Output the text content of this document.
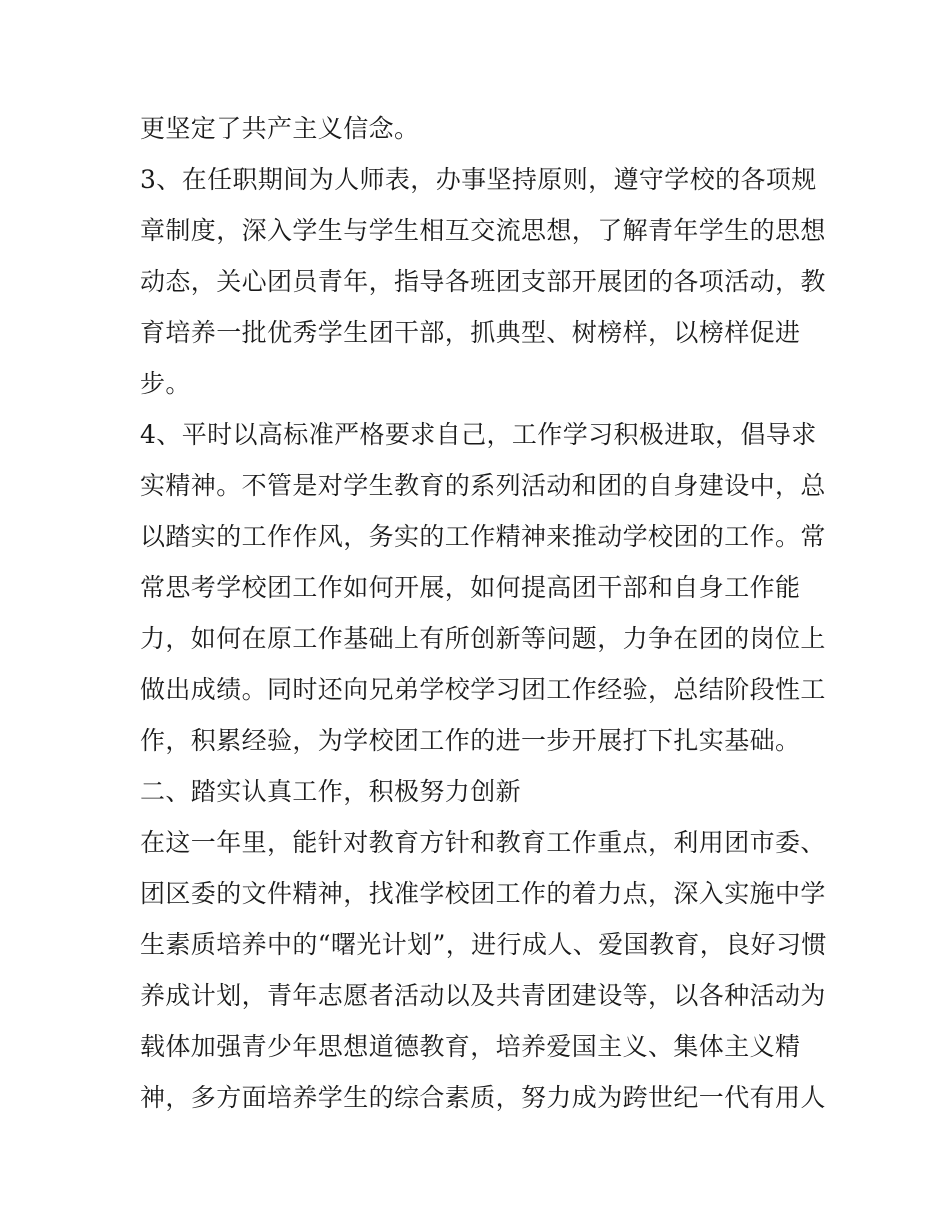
更坚定了共产主义信念。
3、在任职期间为人师表，办事坚持原则，遵守学校的各项规
章制度，深入学生与学生相互交流思想，了解青年学生的思想
动态，关心团员青年，指导各班团支部开展团的各项活动，教
育培养一批优秀学生团干部，抓典型、树榜样，以榜样促进
步。
4、平时以高标准严格要求自己，工作学习积极进取，倡导求
实精神。不管是对学生教育的系列活动和团的自身建设中，总
以踏实的工作作风，务实的工作精神来推动学校团的工作。常
常思考学校团工作如何开展，如何提高团干部和自身工作能
力，如何在原工作基础上有所创新等问题，力争在团的岗位上
做出成绩。同时还向兄弟学校学习团工作经验，总结阶段性工
作，积累经验，为学校团工作的进一步开展打下扎实基础。
二、踏实认真工作，积极努力创新
在这一年里，能针对教育方针和教育工作重点，利用团市委、
团区委的文件精神，找准学校团工作的着力点，深入实施中学
生素质培养中的“曙光计划”，进行成人、爱国教育，良好习惯
养成计划，青年志愿者活动以及共青团建设等，以各种活动为
载体加强青少年思想道德教育，培养爱国主义、集体主义精
神，多方面培养学生的综合素质，努力成为跨世纪一代有用人
